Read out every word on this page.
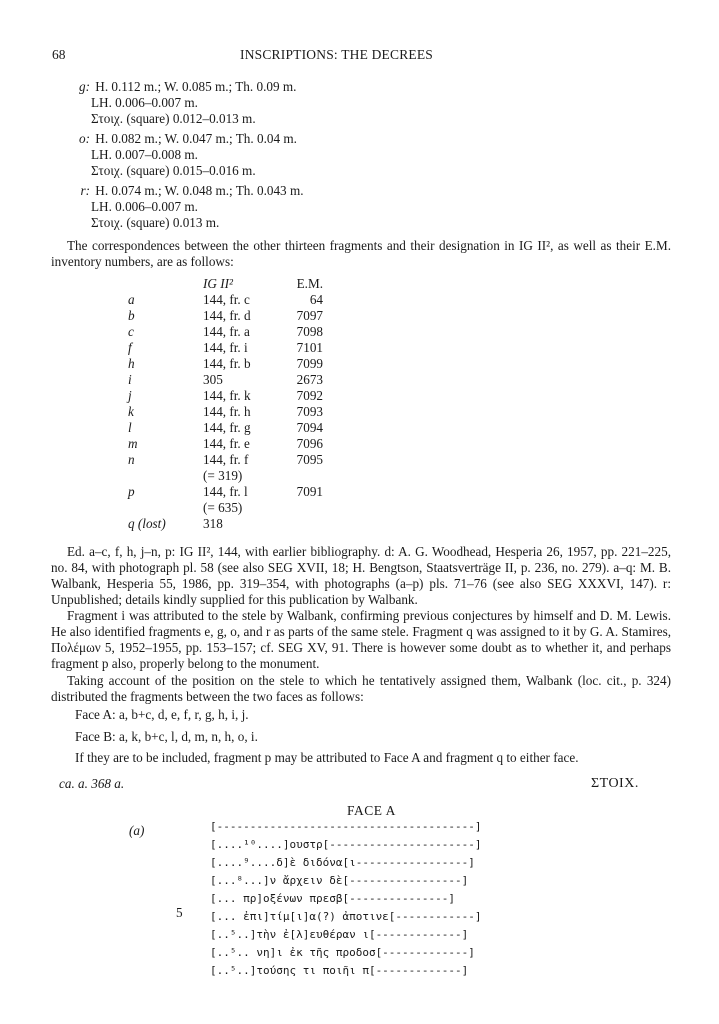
68	INSCRIPTIONS: THE DECREES
g: H. 0.112 m.; W. 0.085 m.; Th. 0.09 m.
LH. 0.006–0.007 m.
Στοιχ. (square) 0.012–0.013 m.
o: H. 0.082 m.; W. 0.047 m.; Th. 0.04 m.
LH. 0.007–0.008 m.
Στοιχ. (square) 0.015–0.016 m.
r: H. 0.074 m.; W. 0.048 m.; Th. 0.043 m.
LH. 0.006–0.007 m.
Στοιχ. (square) 0.013 m.
The correspondences between the other thirteen fragments and their designation in IG II², as well as their E.M. inventory numbers, are as follows:
	IG II²	E.M.
a	144, fr. c	64
b	144, fr. d	7097
c	144, fr. a	7098
f	144, fr. i	7101
h	144, fr. b	7099
i	305	2673
j	144, fr. k	7092
k	144, fr. h	7093
l	144, fr. g	7094
m	144, fr. e	7096
n	144, fr. f	7095
	(= 319)	
p	144, fr. l	7091
	(= 635)	
q (lost)	318	

Ed. a–c, f, h, j–n, p: IG II², 144, with earlier bibliography. d: A. G. Woodhead, Hesperia 26, 1957, pp. 221–225, no. 84, with photograph pl. 58 (see also SEG XVII, 18; H. Bengtson, Staatsverträge II, p. 236, no. 279). a–q: M. B. Walbank, Hesperia 55, 1986, pp. 319–354, with photographs (a–p) pls. 71–76 (see also SEG XXXVI, 147). r: Unpublished; details kindly supplied for this publication by Walbank.

Fragment i was attributed to the stele by Walbank, confirming previous conjectures by himself and D. M. Lewis. He also identified fragments e, g, o, and r as parts of the same stele. Fragment q was assigned to it by G. A. Stamires, Πολέμων 5, 1952–1955, pp. 153–157; cf. SEG XV, 91. There is however some doubt as to whether it, and perhaps fragment p also, properly belong to the monument.

Taking account of the position on the stele to which he tentatively assigned them, Walbank (loc. cit., p. 324) distributed the fragments between the two faces as follows:

Face A: a, b+c, d, e, f, r, g, h, i, j.
Face B: a, k, b+c, l, d, m, n, h, o, i.
If they are to be included, fragment p may be attributed to Face A and fragment q to either face.
ca. a. 368 a.	ΣΤΟΙΧ.
FACE A
(a)
5
[---------------------------------------]
[....¹⁰....]ουστρ[----------------------]
[....⁹....δ]ὲ διδόνα[ι-----------------]
[...⁸...]ν ἄρχειν δὲ[-----------------]
[... πρ]οξένων πρεσβ[---------------]
[... ἐπι]τίμ[ι]α(?) ἀποτινε[------------]
[..⁵..]τὴν ἐ[λ]ευθέραν ι[-------------]
[..⁵.. νη]ι ἐκ τῆς προδοσ[-------------]
[..⁵..]τούσης τι ποιῆι π[-------------]
